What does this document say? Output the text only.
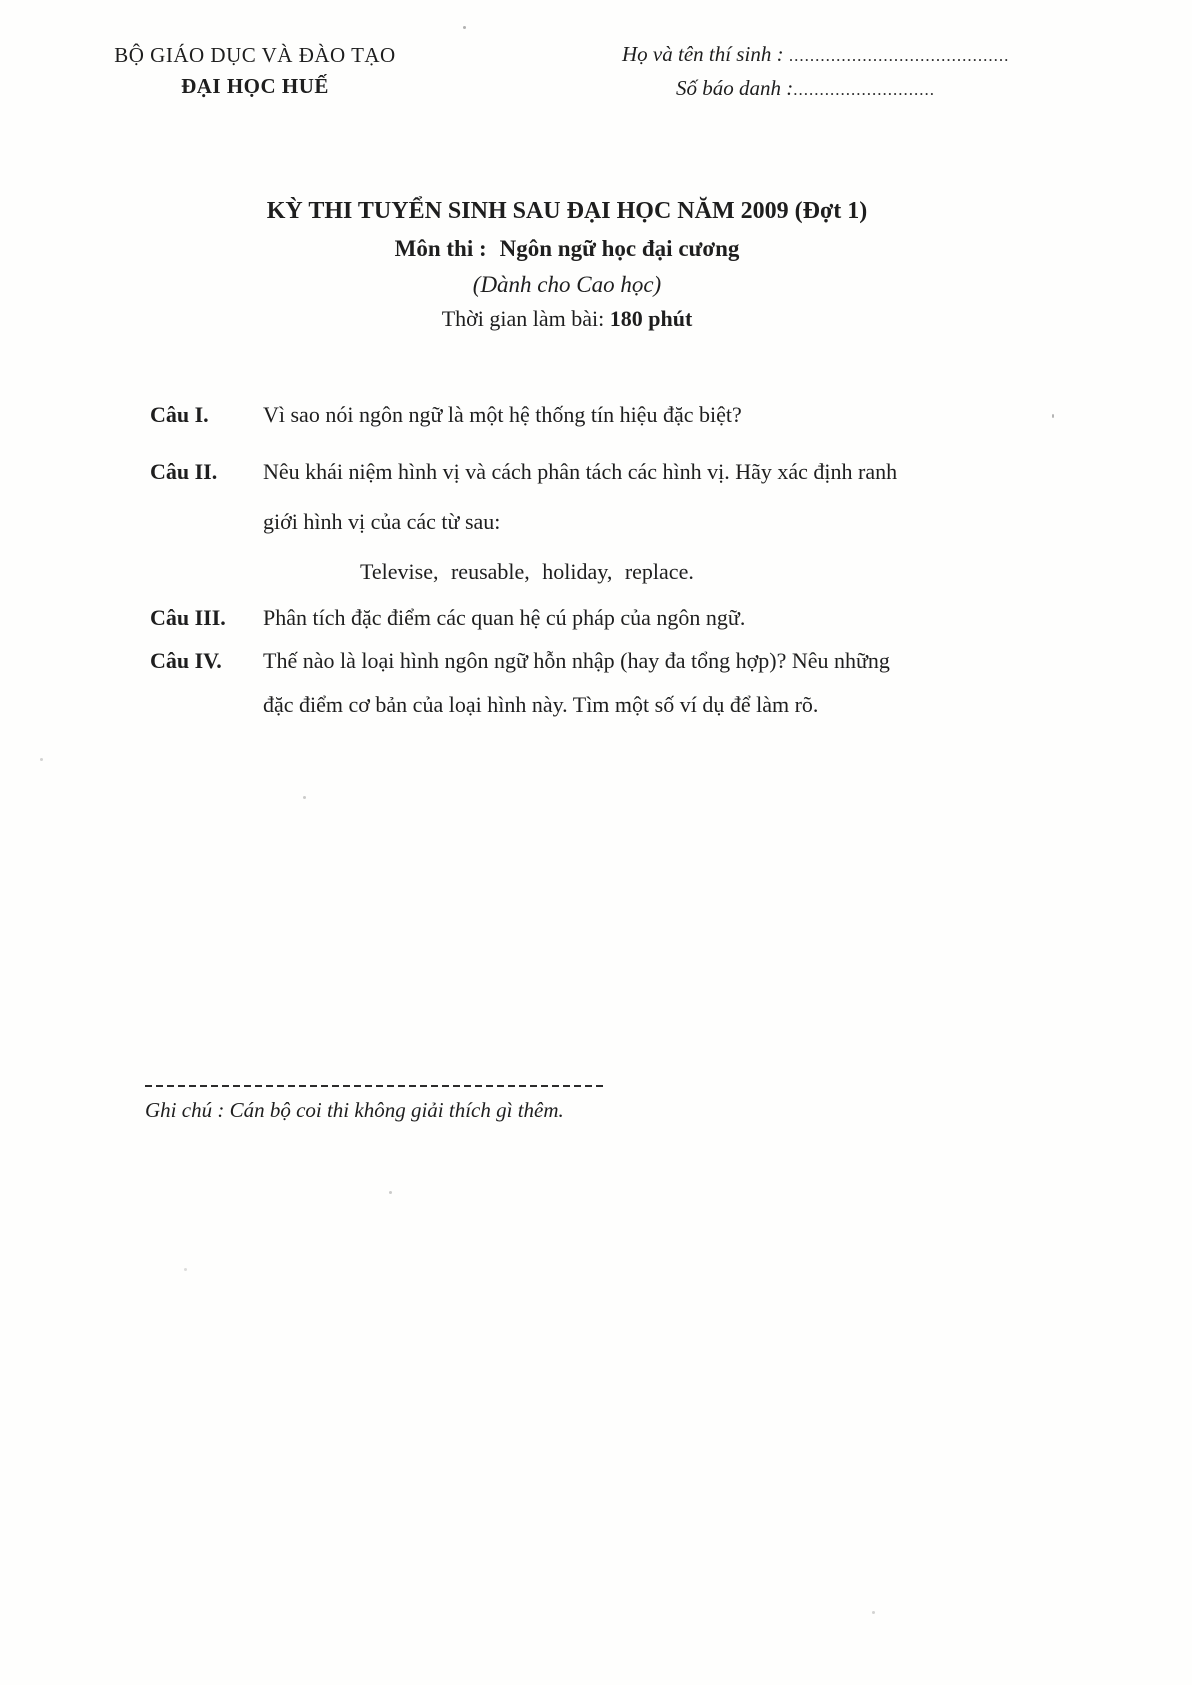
BỘ GIÁO DỤC VÀ ĐÀO TẠO
ĐẠI HỌC HUẾ
Họ và tên thí sinh : ..........................................
Số báo danh :...........................
KỲ THI TUYỂN SINH SAU ĐẠI HỌC NĂM 2009 (Đợt 1)
Môn thi : Ngôn ngữ học đại cương
(Dành cho Cao học)
Thời gian làm bài: 180 phút
Câu I.	Vì sao nói ngôn ngữ là một hệ thống tín hiệu đặc biệt?
Câu II.	Nêu khái niệm hình vị và cách phân tách các hình vị. Hãy xác định ranh
giới hình vị của các từ sau:
Televise, reusable, holiday, replace.
Câu III.	Phân tích đặc điểm các quan hệ cú pháp của ngôn ngữ.
Câu IV.	Thế nào là loại hình ngôn ngữ hỗn nhập (hay đa tổng hợp)? Nêu những
đặc điểm cơ bản của loại hình này. Tìm một số ví dụ để làm rõ.
Ghi chú : Cán bộ coi thi không giải thích gì thêm.
